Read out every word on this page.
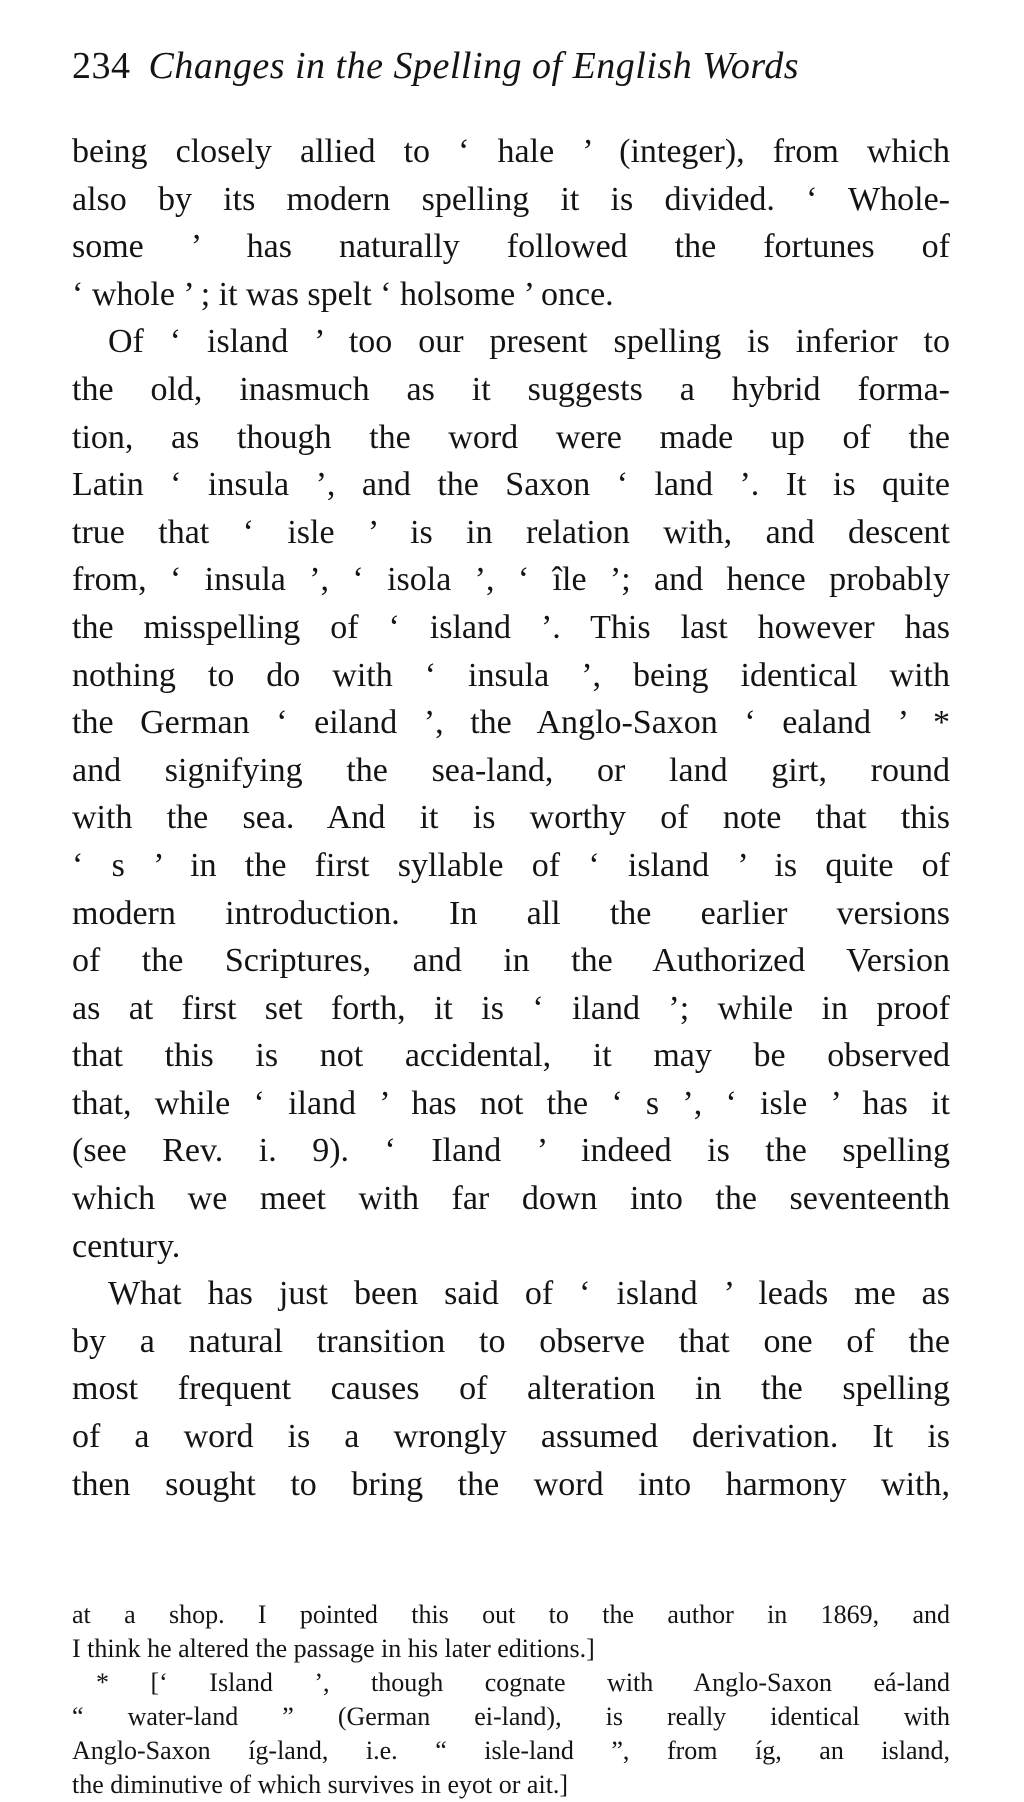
234 Changes in the Spelling of English Words
being closely allied to ‘ hale ’ (integer), from which
also by its modern spelling it is divided. ‘ Whole-
some ’ has naturally followed the fortunes of
‘ whole ’ ; it was spelt ‘ holsome ’ once.
Of ‘ island ’ too our present spelling is inferior to
the old, inasmuch as it suggests a hybrid forma-
tion, as though the word were made up of the
Latin ‘ insula ’, and the Saxon ‘ land ’. It is quite
true that ‘ isle ’ is in relation with, and descent
from, ‘ insula ’, ‘ isola ’, ‘ île ’; and hence probably
the misspelling of ‘ island ’. This last however has
nothing to do with ‘ insula ’, being identical with
the German ‘ eiland ’, the Anglo-Saxon ‘ ealand ’ *
and signifying the sea-land, or land girt, round
with the sea. And it is worthy of note that this
‘ s ’ in the first syllable of ‘ island ’ is quite of
modern introduction. In all the earlier versions
of the Scriptures, and in the Authorized Version
as at first set forth, it is ‘ iland ’; while in proof
that this is not accidental, it may be observed
that, while ‘ iland ’ has not the ‘ s ’, ‘ isle ’ has it
(see Rev. i. 9). ‘ Iland ’ indeed is the spelling
which we meet with far down into the seventeenth
century.
What has just been said of ‘ island ’ leads me as
by a natural transition to observe that one of the
most frequent causes of alteration in the spelling
of a word is a wrongly assumed derivation. It is
then sought to bring the word into harmony with,
at a shop. I pointed this out to the author in 1869, and
I think he altered the passage in his later editions.]
* [‘ Island ’, though cognate with Anglo-Saxon eá-land
“ water-land ” (German ei-land), is really identical with
Anglo-Saxon íg-land, i.e. “ isle-land ”, from íg, an island,
the diminutive of which survives in eyot or ait.]
